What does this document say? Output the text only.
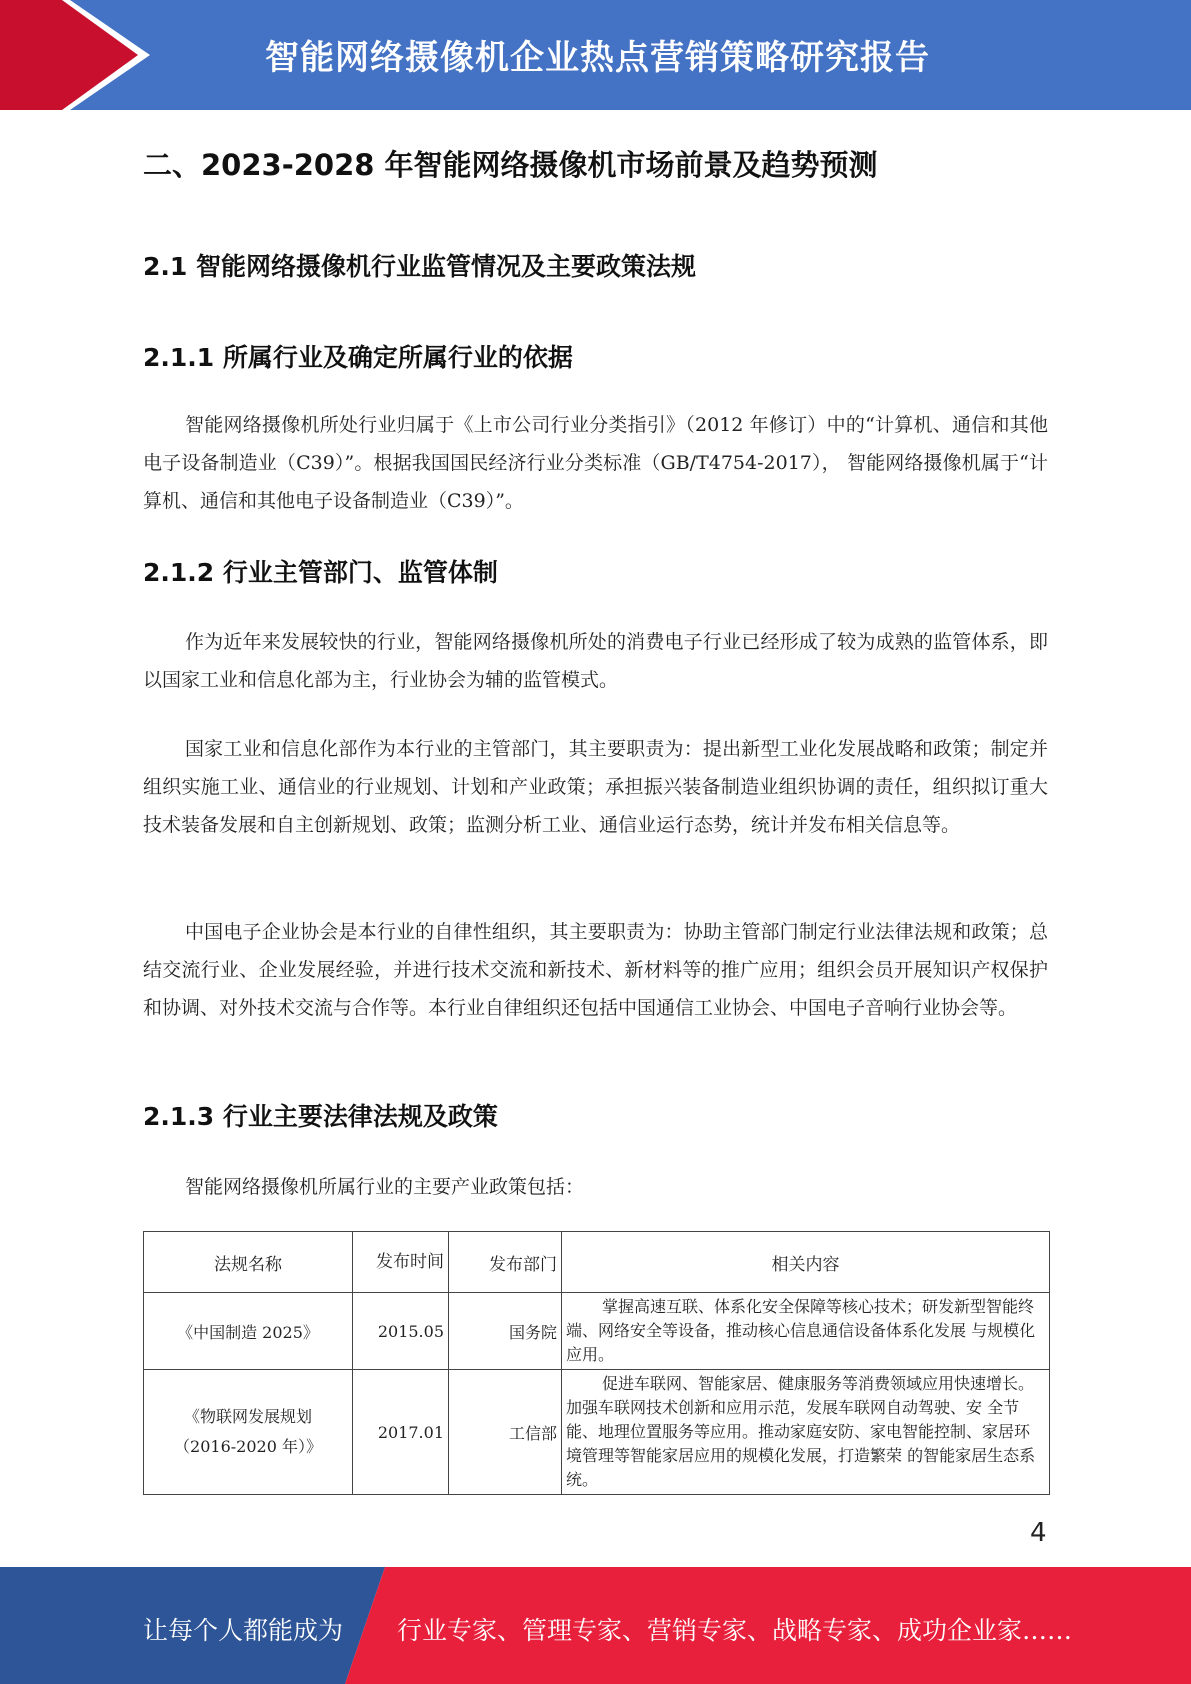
智能网络摄像机企业热点营销策略研究报告
二、2023-2028 年智能网络摄像机市场前景及趋势预测
2.1 智能网络摄像机行业监管情况及主要政策法规
2.1.1 所属行业及确定所属行业的依据

智能网络摄像机所处行业归属于《上市公司行业分类指引》（2012 年修订）中的“计算机、通信和其他电子设备制造业（C39）”。根据我国国民经济行业分类标准（GB/T4754-2017）， 智能网络摄像机属于“计算机、通信和其他电子设备制造业（C39）”。

2.1.2 行业主管部门、监管体制

作为近年来发展较快的行业，智能网络摄像机所处的消费电子行业已经形成了较为成熟的监管体系，即以国家工业和信息化部为主，行业协会为辅的监管模式。

国家工业和信息化部作为本行业的主管部门，其主要职责为：提出新型工业化发展战略和政策；制定并组织实施工业、通信业的行业规划、计划和产业政策；承担振兴装备制造业组织协调的责任，组织拟订重大技术装备发展和自主创新规划、政策；监测分析工业、通信业运行态势，统计并发布相关信息等。

中国电子企业协会是本行业的自律性组织，其主要职责为：协助主管部门制定行业法律法规和政策；总结交流行业、企业发展经验，并进行技术交流和新技术、新材料等的推广应用；组织会员开展知识产权保护和协调、对外技术交流与合作等。本行业自律组织还包括中国通信工业协会、中国电子音响行业协会等。

2.1.3 行业主要法律法规及政策

智能网络摄像机所属行业的主要产业政策包括：

法规名称	发布时间	发布部门	相关内容
《中国制造 2025》	2015.05	国务院	掌握高速互联、体系化安全保障等核心技术；研发新型智能终端、网络安全等设备，推动核心信息通信设备体系化发展 与规模化应用。

《物联网发展规划
（2016-2020 年）》	2017.01	工信部	促进车联网、智能家居、健康服务等消费领域应用快速增长。 加强车联网技术创新和应用示范，发展车联网自动驾驶、安 全节能、地理位置服务等应用。推动家庭安防、家电智能控制、家居环境管理等智能家居应用的规模化发展，打造繁荣 的智能家居生态系统。
4
让每个人都能成为 行业专家、管理专家、营销专家、战略专家、成功企业家……
